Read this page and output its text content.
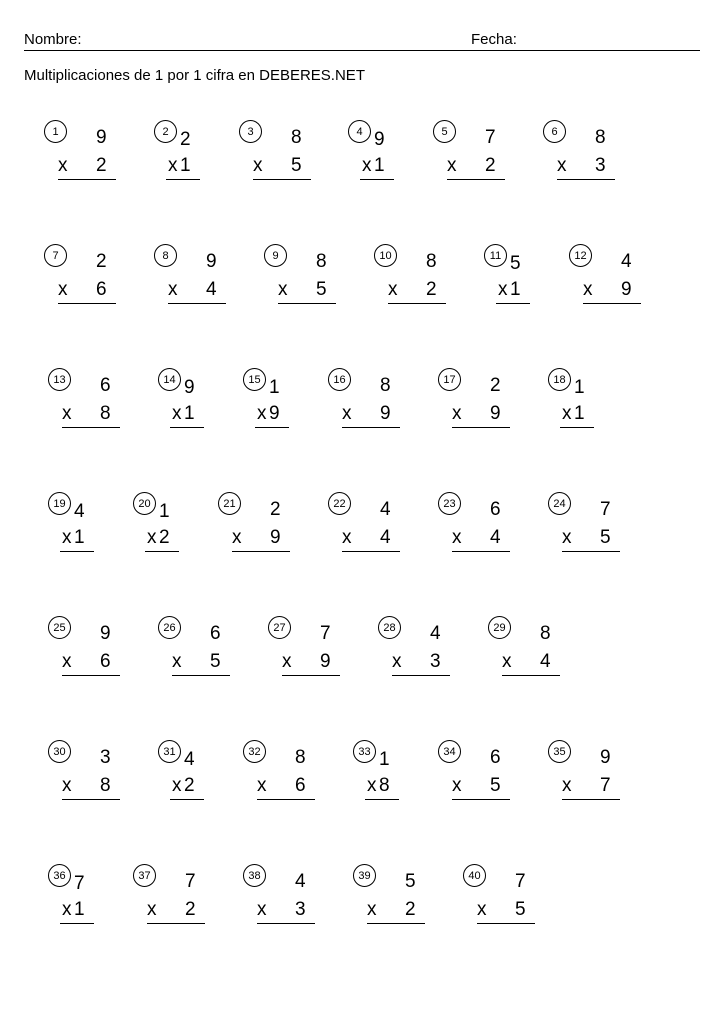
Nombre:	Fecha:
Multiplicaciones de 1 por 1 cifra en DEBERES.NET
1	9
x 2
2 2
x 1
3	8
x 5
4 9
x 1
5	7
x 2
6	8
x 3
7	2
x 6
8	9
x 4
9	8
x 5
10 8
x 2
11 5
x 1
12 4
x 9
13 6
x 8
14 9
x 1
15 1
x 9
16 8
x 9
17 2
x 9
18 1
x 1
19 4
x 1
20 1
x 2
21 2
x 9
22 4
x 4
23 6
x 4
24 7
x 5
25 9
x 6
26 6
x 5
27 7
x 9
28 4
x 3
29 8
x 4
30 3
x 8
31 4
x 2
32 8
x 6
33 1
x 8
34 6
x 5
35 9
x 7
36 7
x 1
37 7
x 2
38 4
x 3
39 5
x 2
40 7
x 5
